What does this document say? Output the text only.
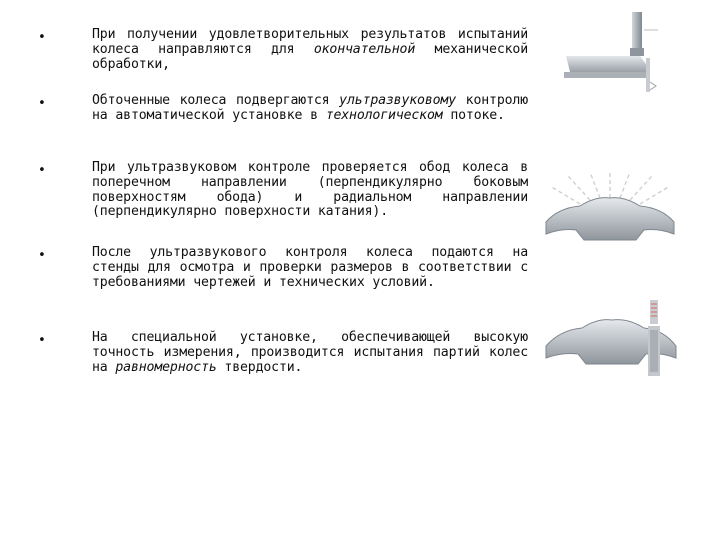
•	При получении удовлетворительных результатов испытаний колеса направляются для окончательной механической обработки,
•	Обточенные колеса подвергаются ультразвуковому контролю на автоматической установке в технологическом потоке.
•	При ультразвуковом контроле проверяется обод колеса в поперечном направлении (перпендикулярно боковым поверхностям обода) и радиальном направлении (перпендикулярно поверхности катания).
•	После ультразвукового контроля колеса подаются на стенды для осмотра и проверки размеров в соответствии с требованиями чертежей и технических условий.
•	На специальной установке, обеспечивающей высокую точность измерения, производится испытания партий колес на равномерность твердости.
